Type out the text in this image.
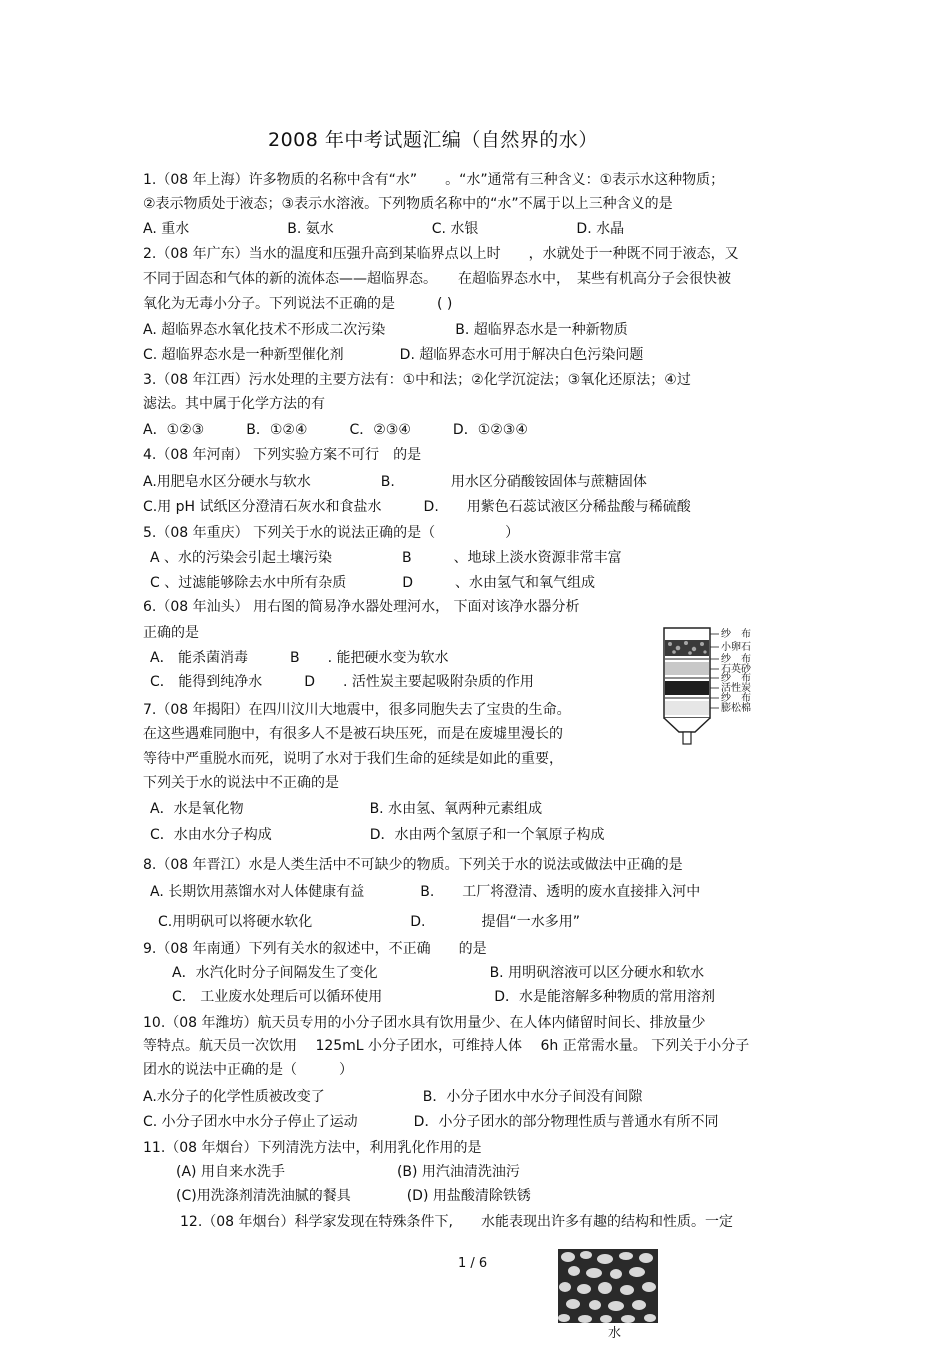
2008 年中考试题汇编（自然界的水）
1.（08 年上海）许多物质的名称中含有“水”　　。“水”通常有三种含义：①表示水这种物质；
②表示物质处于液态；③表示水溶液。下列物质名称中的“水”不属于以上三种含义的是
A. 重水　　　　　　　B. 氨水　　　　　　　C. 水银　　　　　　　D. 水晶
2.（08 年广东）当水的温度和压强升高到某临界点以上时　　，水就处于一种既不同于液态，又
不同于固态和气体的新的流体态——超临界态。　　在超临界态水中，　某些有机高分子会很快被
氧化为无毒小分子。下列说法不正确的是　　　( )
A. 超临界态水氧化技术不形成二次污染　　　　　B. 超临界态水是一种新物质
C. 超临界态水是一种新型催化剂　　　　D. 超临界态水可用于解决白色污染问题
3.（08 年江西）污水处理的主要方法有：①中和法；②化学沉淀法；③氧化还原法；④过
滤法。其中属于化学方法的有
A．①②③　　　B．①②④　　　C．②③④　　　D．①②③④
4.（08 年河南） 下列实验方案不可行　的是
A.用肥皂水区分硬水与软水　　　　　B.　　　　用水区分硝酸铵固体与蔗糖固体
C.用 pH 试纸区分澄清石灰水和食盐水　　　D.　　用紫色石蕊试液区分稀盐酸与稀硫酸
5.（08 年重庆） 下列关于水的说法正确的是（　　　　　）
A 、水的污染会引起土壤污染　　　　　B　　　、地球上淡水资源非常丰富
C 、过滤能够除去水中所有杂质　　　　D　　　、水由氢气和氧气组成
6.（08 年汕头） 用右图的简易净水器处理河水， 下面对该净水器分析
正确的是
A． 能杀菌消毒　　　B　　. 能把硬水变为软水
C． 能得到纯净水　　　D　　. 活性炭主要起吸附杂质的作用
7.（08 年揭阳）在四川汶川大地震中，很多同胞失去了宝贵的生命。
在这些遇难同胞中，有很多人不是被石块压死，而是在废墟里漫长的
等待中严重脱水而死，说明了水对于我们生命的延续是如此的重要，
下列关于水的说法中不正确的是
A．水是氧化物　　　　　　　　　B. 水由氢、氧两种元素组成
C．水由水分子构成　　　　　　　D．水由两个氢原子和一个氧原子构成
8.（08 年晋江）水是人类生活中不可缺少的物质。下列关于水的说法或做法中正确的是
A. 长期饮用蒸馏水对人体健康有益　　　　B.　　工厂将澄清、透明的废水直接排入河中
C.用明矾可以将硬水软化　　　　　　　D.　　　　提倡“一水多用”
9.（08 年南通）下列有关水的叙述中，不正确　　的是
A．水汽化时分子间隔发生了变化　　　　　　　　B. 用明矾溶液可以区分硬水和软水
C． 工业废水处理后可以循环使用　　　　　　　　D．水是能溶解多种物质的常用溶剂
10.（08 年潍坊）航天员专用的小分子团水具有饮用量少、在人体内储留时间长、排放量少
等特点。航天员一次饮用　 125mL 小分子团水，可维持人体　 6h 正常需水量。 下列关于小分子
团水的说法中正确的是（　　　）
A.水分子的化学性质被改变了　　　　　　　B．小分子团水中水分子间没有间隙
C. 小分子团水中水分子停止了运动　　　　D．小分子团水的部分物理性质与普通水有所不同
11.（08 年烟台）下列清洗方法中，利用乳化作用的是
(A) 用自来水洗手　　　　　　　　(B) 用汽油清洗油污
(C)用洗涤剂清洗油腻的餐具　　　　(D) 用盐酸清除铁锈
12.（08 年烟台）科学家发现在特殊条件下,　　水能表现出许多有趣的结构和性质。一定
纱　布
小卵石
纱　布
石英砂
纱　布
活性炭
纱　布
膨松棉
1 / 6
水
